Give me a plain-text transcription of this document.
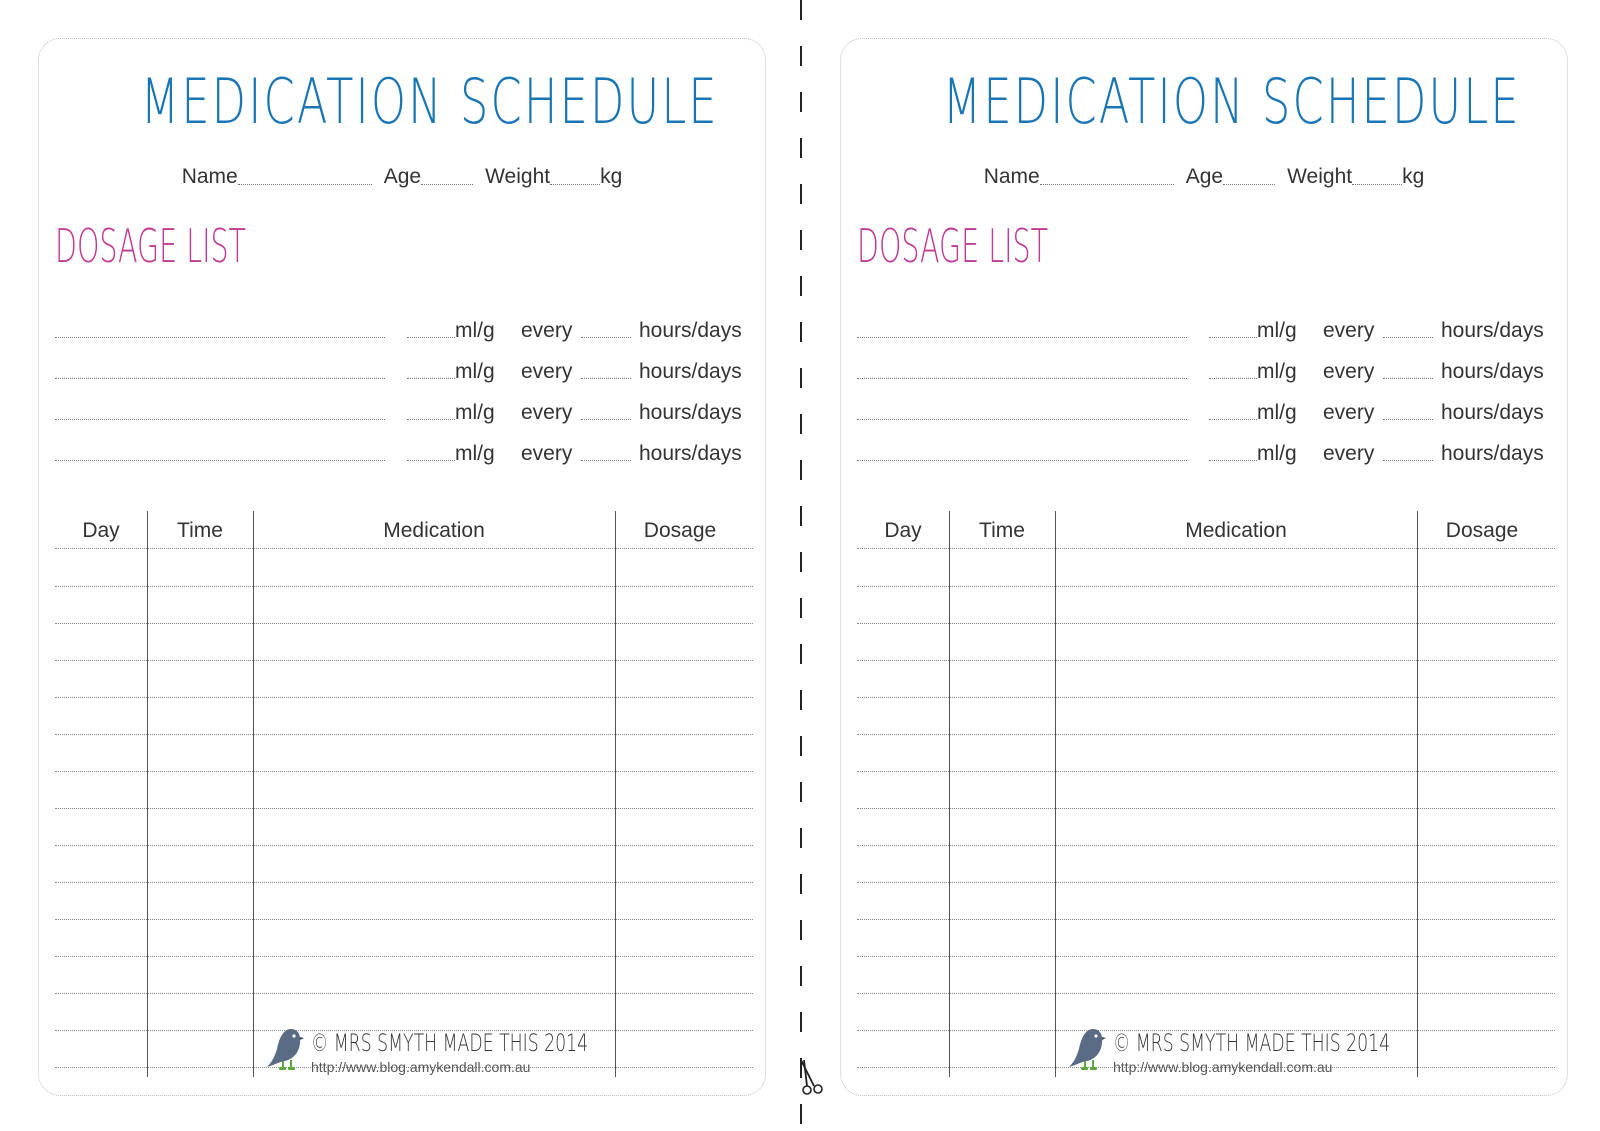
MEDICATION SCHEDULE
Name	Age	Weight kg
DOSAGE LIST
ml/g every	hours/days
ml/g every	hours/days
ml/g every	hours/days
ml/g every	hours/days
Day	Time	Medication	Dosage
© MRS SMYTH MADE THIS 2014
http://www.blog.amykendall.com.au
MEDICATION SCHEDULE
Name	Age	Weight kg
DOSAGE LIST
ml/g every	hours/days
ml/g every	hours/days
ml/g every	hours/days
ml/g every	hours/days
Day	Time	Medication	Dosage
© MRS SMYTH MADE THIS 2014
http://www.blog.amykendall.com.au
